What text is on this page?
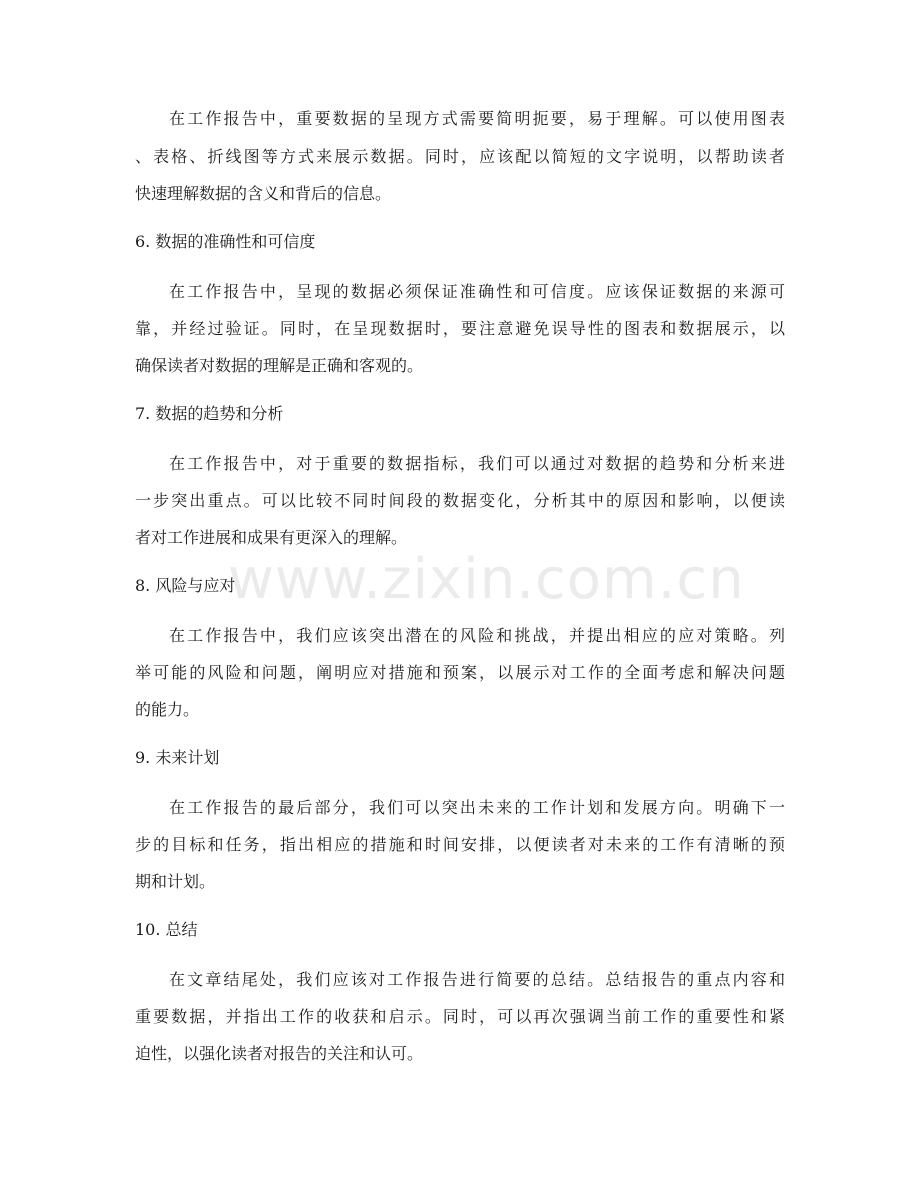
在工作报告中，重要数据的呈现方式需要简明扼要，易于理解。可以使用图表
、表格、折线图等方式来展示数据。同时，应该配以简短的文字说明，以帮助读者
快速理解数据的含义和背后的信息。
6. 数据的准确性和可信度
在工作报告中，呈现的数据必须保证准确性和可信度。应该保证数据的来源可
靠，并经过验证。同时，在呈现数据时，要注意避免误导性的图表和数据展示，以
确保读者对数据的理解是正确和客观的。
7. 数据的趋势和分析
在工作报告中，对于重要的数据指标，我们可以通过对数据的趋势和分析来进
一步突出重点。可以比较不同时间段的数据变化，分析其中的原因和影响，以便读
者对工作进展和成果有更深入的理解。
8. 风险与应对
在工作报告中，我们应该突出潜在的风险和挑战，并提出相应的应对策略。列
举可能的风险和问题，阐明应对措施和预案，以展示对工作的全面考虑和解决问题
的能力。
9. 未来计划
在工作报告的最后部分，我们可以突出未来的工作计划和发展方向。明确下一
步的目标和任务，指出相应的措施和时间安排，以便读者对未来的工作有清晰的预
期和计划。
10. 总结
在文章结尾处，我们应该对工作报告进行简要的总结。总结报告的重点内容和
重要数据，并指出工作的收获和启示。同时，可以再次强调当前工作的重要性和紧
迫性，以强化读者对报告的关注和认可。
www.zixin.com.cn
